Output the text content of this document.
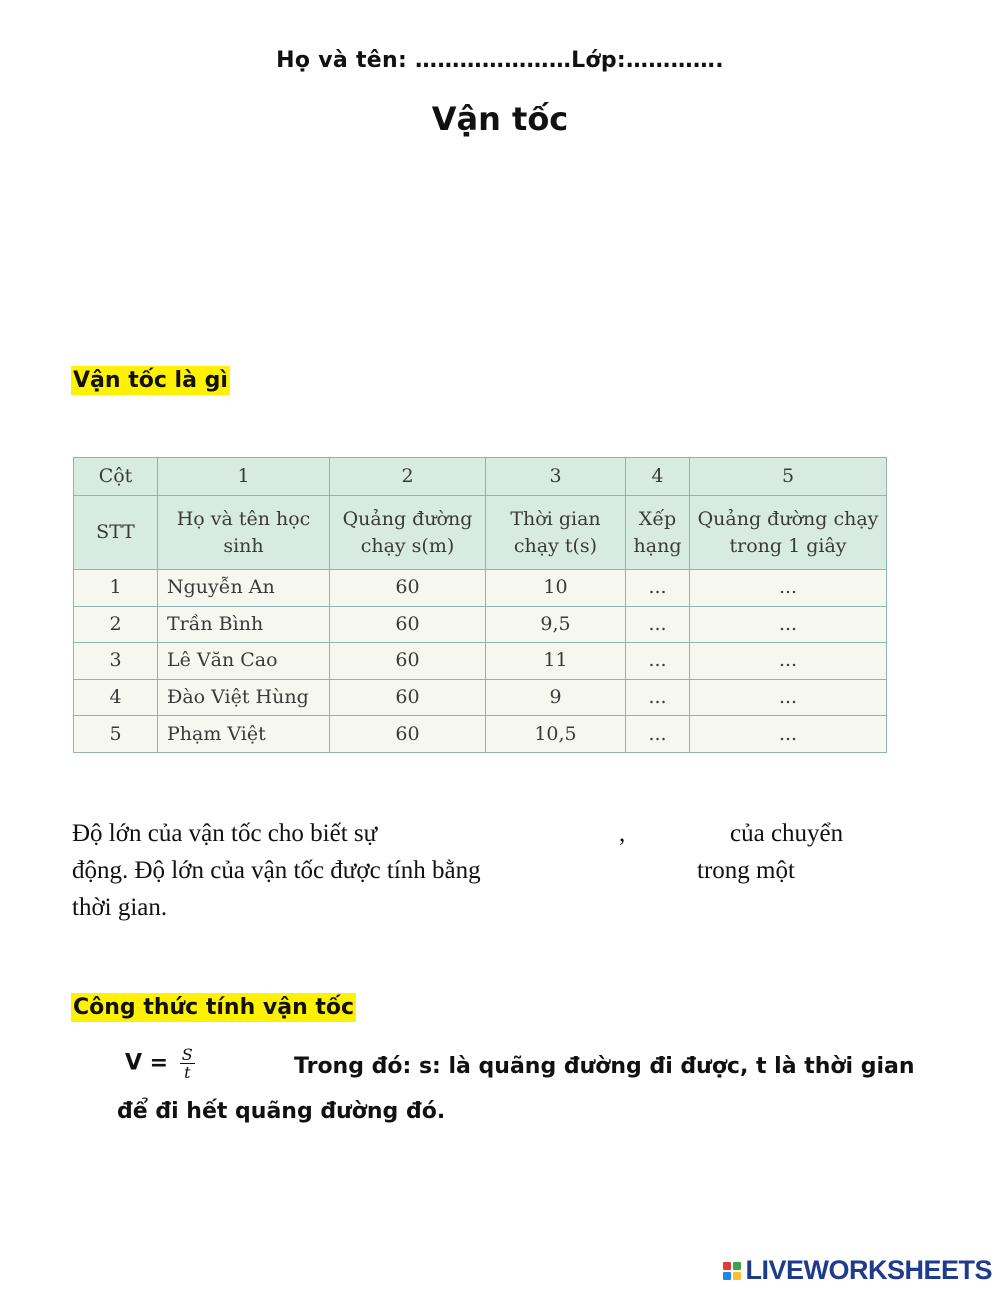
Họ và tên: …………………Lớp:………….
Vận tốc
Vận tốc là gì
Cột	1	2	3	4	5
STT	Họ và tên học sinh	Quảng đường chạy s(m)	Thời gian chạy t(s)	Xếp hạng	Quảng đường chạy trong 1 giây
1	Nguyễn An	60	10	...	...
2	Trần Bình	60	9,5	...	...
3	Lê Văn Cao	60	11	...	...
4	Đào Việt Hùng	60	9	...	...
5	Phạm Việt	60	10,5	...	...
Độ lớn của vận tốc cho biết sự	,	của chuyển
động. Độ lớn của vận tốc được tính bằng	trong một
thời gian.
Công thức tính vận tốc
$V = \frac{S}{t}$	Trong đó: s: là quãng đường đi được, t là thời gian
để đi hết quãng đường đó.
LIVEWORKSHEETS
